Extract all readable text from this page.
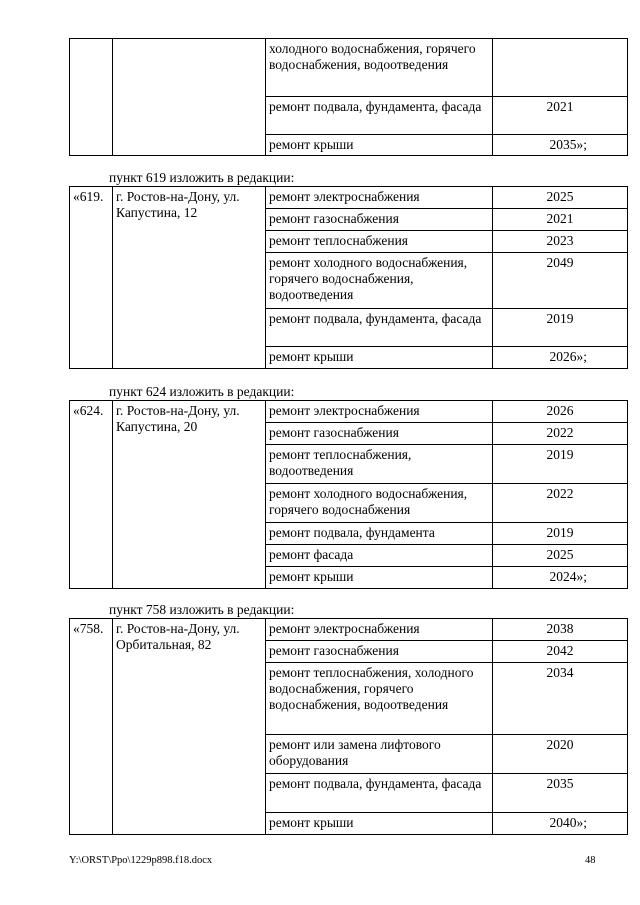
		холодного водоснабжения, горячего водоснабжения, водоотведения	
		ремонт подвала, фундамента, фасада	2021
		ремонт крыши	2035»;
пункт 619 изложить в редакции:
«619.	г. Ростов-на-Дону, ул. Капустина, 12	ремонт электроснабжения	2025
		ремонт газоснабжения	2021
		ремонт теплоснабжения	2023
		ремонт холодного водоснабжения, горячего водоснабжения, водоотведения	2049
		ремонт подвала, фундамента, фасада	2019
		ремонт крыши	2026»;
пункт 624 изложить в редакции:
«624.	г. Ростов-на-Дону, ул. Капустина, 20	ремонт электроснабжения	2026
		ремонт газоснабжения	2022
		ремонт теплоснабжения, водоотведения	2019
		ремонт холодного водоснабжения, горячего водоснабжения	2022
		ремонт подвала, фундамента	2019
		ремонт фасада	2025
		ремонт крыши	2024»;
пункт 758 изложить в редакции:
«758.	г. Ростов-на-Дону, ул. Орбитальная, 82	ремонт электроснабжения	2038
		ремонт газоснабжения	2042
		ремонт теплоснабжения, холодного водоснабжения, горячего водоснабжения, водоотведения	2034
		ремонт или замена лифтового оборудования	2020
		ремонт подвала, фундамента, фасада	2035
		ремонт крыши	2040»;
Y:\ORST\Ppo\1229p898.f18.docx	48
